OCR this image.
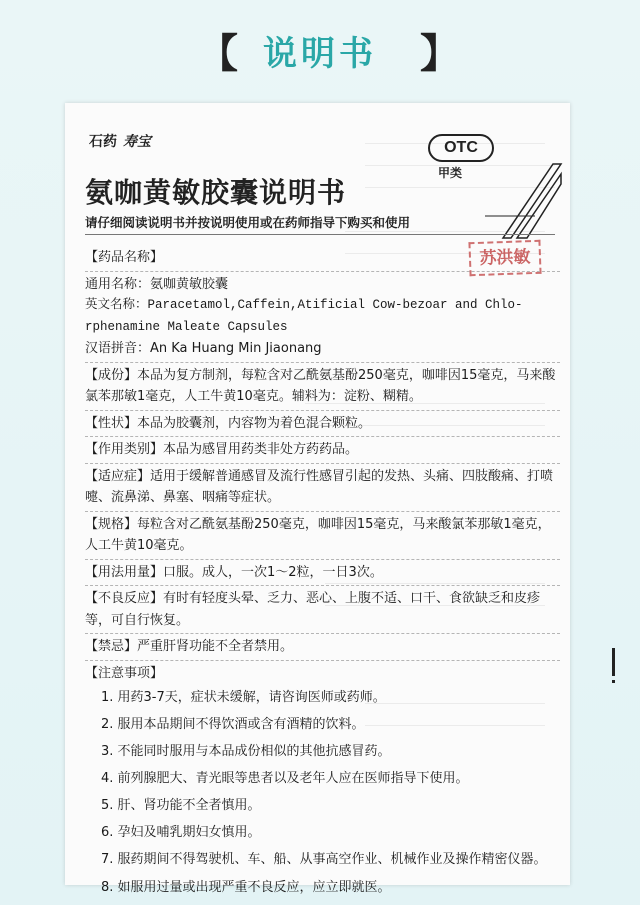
【 说明书	】
石药 寿宝	OTC
甲类
氨咖黄敏胶囊说明书
请仔细阅读说明书并按说明使用或在药师指导下购买和使用
苏洪敏
【药品名称】
通用名称：氨咖黄敏胶囊
英文名称：Paracetamol,Caffein,Atificial Cow-bezoar and Chlo-
rphenamine Maleate Capsules
汉语拼音：An Ka Huang Min Jiaonang
【成份】本品为复方制剂，每粒含对乙酰氨基酚250毫克，咖啡因15毫克，马来酸氯苯那敏1毫克，人工牛黄10毫克。辅料为：淀粉、糊精。
【性状】本品为胶囊剂，内容物为着色混合颗粒。
【作用类别】本品为感冒用药类非处方药药品。
【适应症】适用于缓解普通感冒及流行性感冒引起的发热、头痛、四肢酸痛、打喷嚏、流鼻涕、鼻塞、咽痛等症状。
【规格】每粒含对乙酰氨基酚250毫克，咖啡因15毫克，马来酸氯苯那敏1毫克，人工牛黄10毫克。
【用法用量】口服。成人，一次1～2粒，一日3次。
【不良反应】有时有轻度头晕、乏力、恶心、上腹不适、口干、食欲缺乏和皮疹等，可自行恢复。
【禁忌】严重肝肾功能不全者禁用。
【注意事项】
1. 用药3-7天，症状未缓解，请咨询医师或药师。
2. 服用本品期间不得饮酒或含有酒精的饮料。
3. 不能同时服用与本品成份相似的其他抗感冒药。
4. 前列腺肥大、青光眼等患者以及老年人应在医师指导下使用。
5. 肝、肾功能不全者慎用。
6. 孕妇及哺乳期妇女慎用。
7. 服药期间不得驾驶机、车、船、从事高空作业、机械作业及操作精密仪器。
8. 如服用过量或出现严重不良反应，应立即就医。
